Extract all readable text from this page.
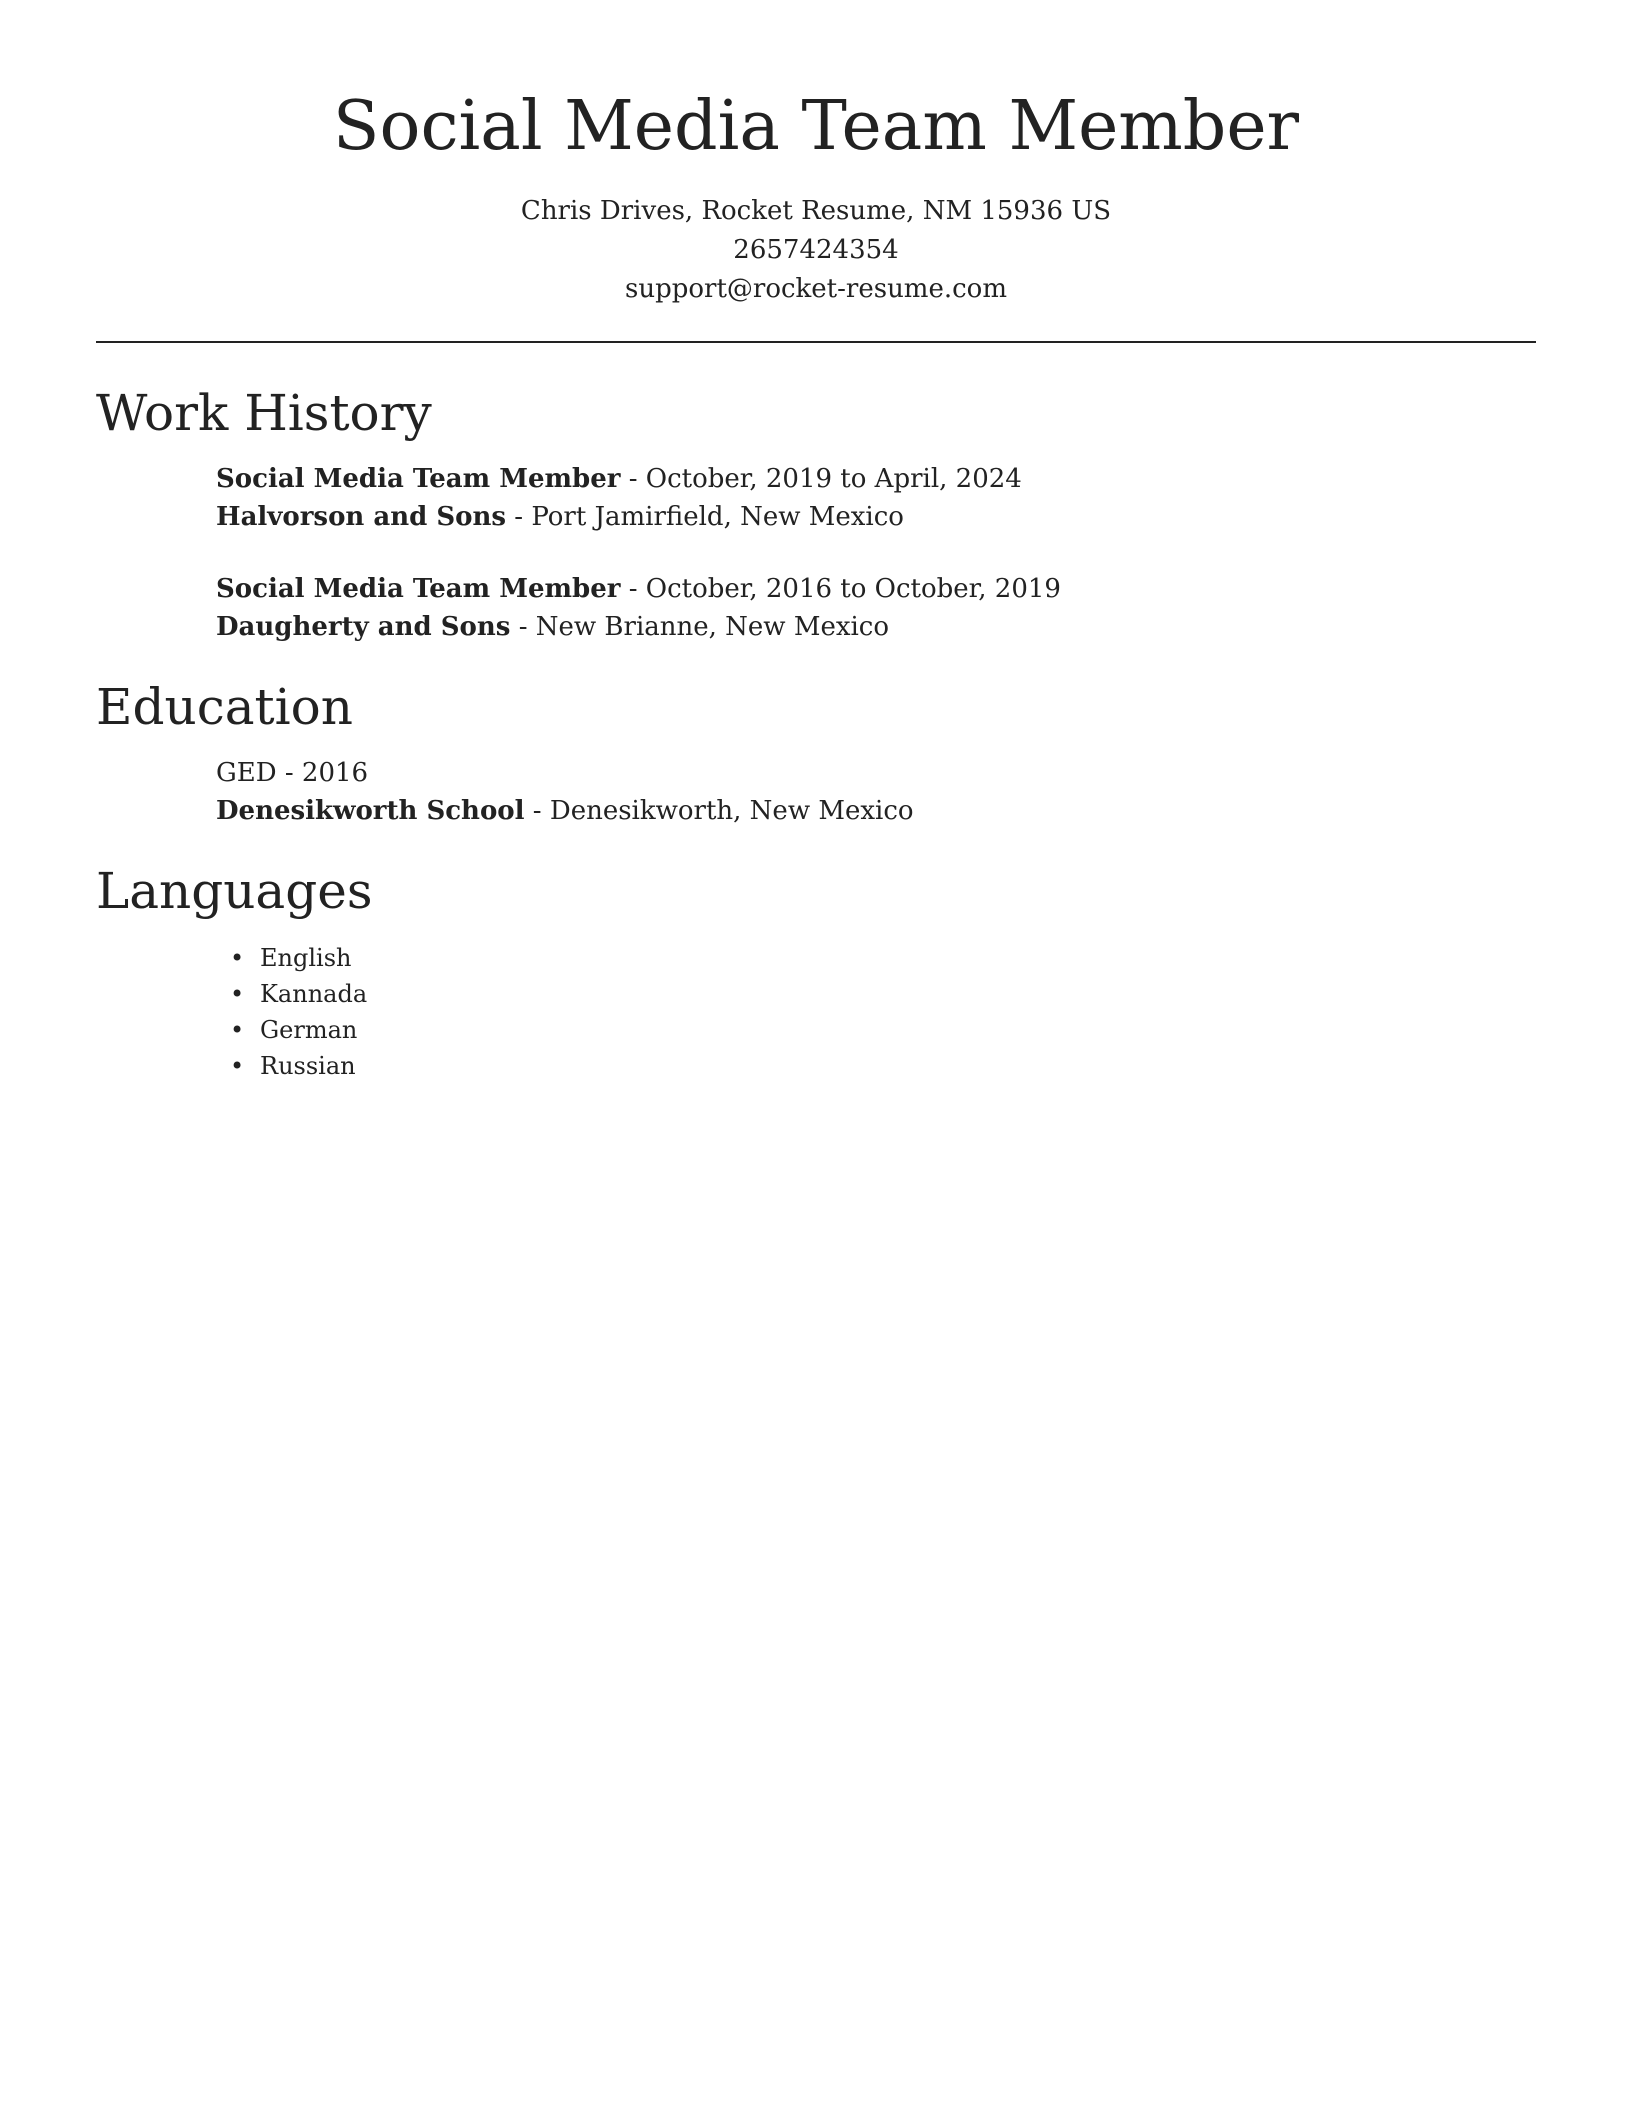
Social Media Team Member
Chris Drives, Rocket Resume, NM 15936 US
2657424354
support@rocket-resume.com
Work History
Social Media Team Member - October, 2019 to April, 2024
Halvorson and Sons - Port Jamirfield, New Mexico
Social Media Team Member - October, 2016 to October, 2019
Daugherty and Sons - New Brianne, New Mexico
Education
GED - 2016
Denesikworth School - Denesikworth, New Mexico
Languages
• English
• Kannada
• German
• Russian
